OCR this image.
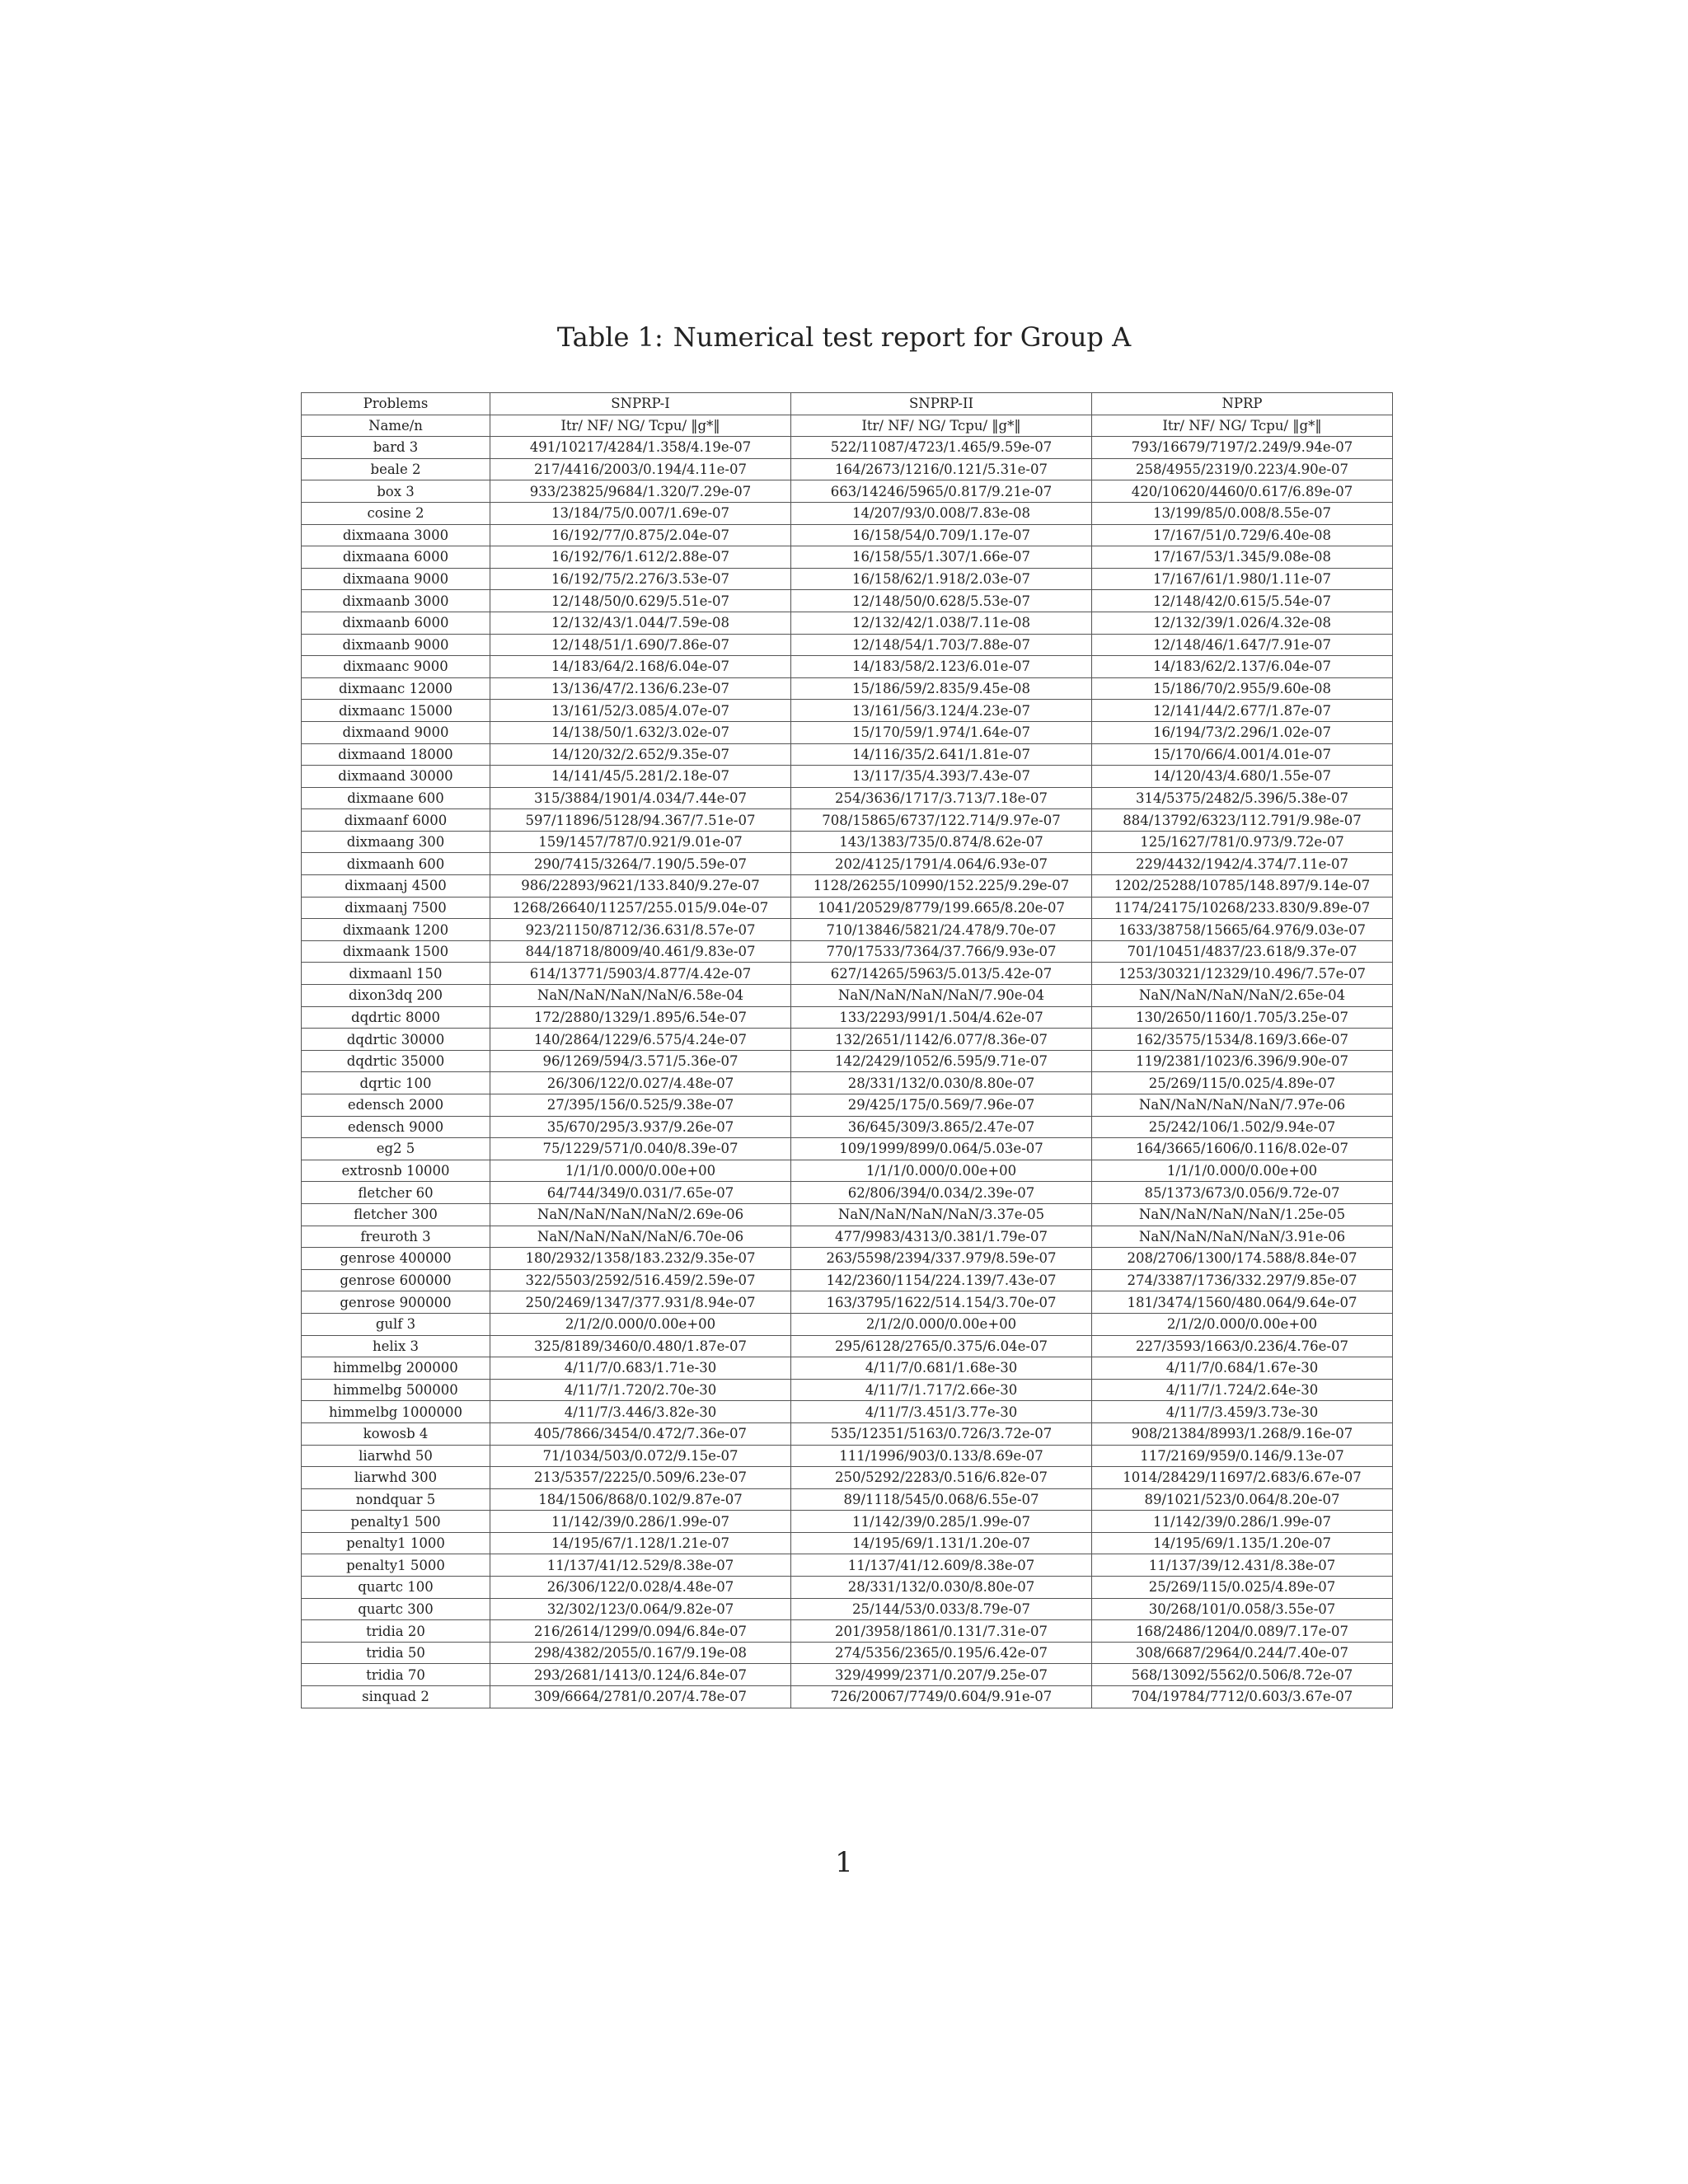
Table 1: Numerical test report for Group A
Problems	SNPRP-I	SNPRP-II	NPRP
Name/n	Itr/ NF/ NG/ Tcpu/ ‖g*‖	Itr/ NF/ NG/ Tcpu/ ‖g*‖	Itr/ NF/ NG/ Tcpu/ ‖g*‖
bard 3	491/10217/4284/1.358/4.19e-07	522/11087/4723/1.465/9.59e-07	793/16679/7197/2.249/9.94e-07
beale 2	217/4416/2003/0.194/4.11e-07	164/2673/1216/0.121/5.31e-07	258/4955/2319/0.223/4.90e-07
box 3	933/23825/9684/1.320/7.29e-07	663/14246/5965/0.817/9.21e-07	420/10620/4460/0.617/6.89e-07
cosine 2	13/184/75/0.007/1.69e-07	14/207/93/0.008/7.83e-08	13/199/85/0.008/8.55e-07
dixmaana 3000	16/192/77/0.875/2.04e-07	16/158/54/0.709/1.17e-07	17/167/51/0.729/6.40e-08
dixmaana 6000	16/192/76/1.612/2.88e-07	16/158/55/1.307/1.66e-07	17/167/53/1.345/9.08e-08
dixmaana 9000	16/192/75/2.276/3.53e-07	16/158/62/1.918/2.03e-07	17/167/61/1.980/1.11e-07
dixmaanb 3000	12/148/50/0.629/5.51e-07	12/148/50/0.628/5.53e-07	12/148/42/0.615/5.54e-07
dixmaanb 6000	12/132/43/1.044/7.59e-08	12/132/42/1.038/7.11e-08	12/132/39/1.026/4.32e-08
dixmaanb 9000	12/148/51/1.690/7.86e-07	12/148/54/1.703/7.88e-07	12/148/46/1.647/7.91e-07
dixmaanc 9000	14/183/64/2.168/6.04e-07	14/183/58/2.123/6.01e-07	14/183/62/2.137/6.04e-07
dixmaanc 12000	13/136/47/2.136/6.23e-07	15/186/59/2.835/9.45e-08	15/186/70/2.955/9.60e-08
dixmaanc 15000	13/161/52/3.085/4.07e-07	13/161/56/3.124/4.23e-07	12/141/44/2.677/1.87e-07
dixmaand 9000	14/138/50/1.632/3.02e-07	15/170/59/1.974/1.64e-07	16/194/73/2.296/1.02e-07
dixmaand 18000	14/120/32/2.652/9.35e-07	14/116/35/2.641/1.81e-07	15/170/66/4.001/4.01e-07
dixmaand 30000	14/141/45/5.281/2.18e-07	13/117/35/4.393/7.43e-07	14/120/43/4.680/1.55e-07
dixmaane 600	315/3884/1901/4.034/7.44e-07	254/3636/1717/3.713/7.18e-07	314/5375/2482/5.396/5.38e-07
dixmaanf 6000	597/11896/5128/94.367/7.51e-07	708/15865/6737/122.714/9.97e-07	884/13792/6323/112.791/9.98e-07
dixmaang 300	159/1457/787/0.921/9.01e-07	143/1383/735/0.874/8.62e-07	125/1627/781/0.973/9.72e-07
dixmaanh 600	290/7415/3264/7.190/5.59e-07	202/4125/1791/4.064/6.93e-07	229/4432/1942/4.374/7.11e-07
dixmaanj 4500	986/22893/9621/133.840/9.27e-07	1128/26255/10990/152.225/9.29e-07	1202/25288/10785/148.897/9.14e-07
dixmaanj 7500	1268/26640/11257/255.015/9.04e-07	1041/20529/8779/199.665/8.20e-07	1174/24175/10268/233.830/9.89e-07
dixmaank 1200	923/21150/8712/36.631/8.57e-07	710/13846/5821/24.478/9.70e-07	1633/38758/15665/64.976/9.03e-07
dixmaank 1500	844/18718/8009/40.461/9.83e-07	770/17533/7364/37.766/9.93e-07	701/10451/4837/23.618/9.37e-07
dixmaanl 150	614/13771/5903/4.877/4.42e-07	627/14265/5963/5.013/5.42e-07	1253/30321/12329/10.496/7.57e-07
dixon3dq 200	NaN/NaN/NaN/NaN/6.58e-04	NaN/NaN/NaN/NaN/7.90e-04	NaN/NaN/NaN/NaN/2.65e-04
dqdrtic 8000	172/2880/1329/1.895/6.54e-07	133/2293/991/1.504/4.62e-07	130/2650/1160/1.705/3.25e-07
dqdrtic 30000	140/2864/1229/6.575/4.24e-07	132/2651/1142/6.077/8.36e-07	162/3575/1534/8.169/3.66e-07
dqdrtic 35000	96/1269/594/3.571/5.36e-07	142/2429/1052/6.595/9.71e-07	119/2381/1023/6.396/9.90e-07
dqrtic 100	26/306/122/0.027/4.48e-07	28/331/132/0.030/8.80e-07	25/269/115/0.025/4.89e-07
edensch 2000	27/395/156/0.525/9.38e-07	29/425/175/0.569/7.96e-07	NaN/NaN/NaN/NaN/7.97e-06
edensch 9000	35/670/295/3.937/9.26e-07	36/645/309/3.865/2.47e-07	25/242/106/1.502/9.94e-07
eg2 5	75/1229/571/0.040/8.39e-07	109/1999/899/0.064/5.03e-07	164/3665/1606/0.116/8.02e-07
extrosnb 10000	1/1/1/0.000/0.00e+00	1/1/1/0.000/0.00e+00	1/1/1/0.000/0.00e+00
fletcher 60	64/744/349/0.031/7.65e-07	62/806/394/0.034/2.39e-07	85/1373/673/0.056/9.72e-07
fletcher 300	NaN/NaN/NaN/NaN/2.69e-06	NaN/NaN/NaN/NaN/3.37e-05	NaN/NaN/NaN/NaN/1.25e-05
freuroth 3	NaN/NaN/NaN/NaN/6.70e-06	477/9983/4313/0.381/1.79e-07	NaN/NaN/NaN/NaN/3.91e-06
genrose 400000	180/2932/1358/183.232/9.35e-07	263/5598/2394/337.979/8.59e-07	208/2706/1300/174.588/8.84e-07
genrose 600000	322/5503/2592/516.459/2.59e-07	142/2360/1154/224.139/7.43e-07	274/3387/1736/332.297/9.85e-07
genrose 900000	250/2469/1347/377.931/8.94e-07	163/3795/1622/514.154/3.70e-07	181/3474/1560/480.064/9.64e-07
gulf 3	2/1/2/0.000/0.00e+00	2/1/2/0.000/0.00e+00	2/1/2/0.000/0.00e+00
helix 3	325/8189/3460/0.480/1.87e-07	295/6128/2765/0.375/6.04e-07	227/3593/1663/0.236/4.76e-07
himmelbg 200000	4/11/7/0.683/1.71e-30	4/11/7/0.681/1.68e-30	4/11/7/0.684/1.67e-30
himmelbg 500000	4/11/7/1.720/2.70e-30	4/11/7/1.717/2.66e-30	4/11/7/1.724/2.64e-30
himmelbg 1000000	4/11/7/3.446/3.82e-30	4/11/7/3.451/3.77e-30	4/11/7/3.459/3.73e-30
kowosb 4	405/7866/3454/0.472/7.36e-07	535/12351/5163/0.726/3.72e-07	908/21384/8993/1.268/9.16e-07
liarwhd 50	71/1034/503/0.072/9.15e-07	111/1996/903/0.133/8.69e-07	117/2169/959/0.146/9.13e-07
liarwhd 300	213/5357/2225/0.509/6.23e-07	250/5292/2283/0.516/6.82e-07	1014/28429/11697/2.683/6.67e-07
nondquar 5	184/1506/868/0.102/9.87e-07	89/1118/545/0.068/6.55e-07	89/1021/523/0.064/8.20e-07
penalty1 500	11/142/39/0.286/1.99e-07	11/142/39/0.285/1.99e-07	11/142/39/0.286/1.99e-07
penalty1 1000	14/195/67/1.128/1.21e-07	14/195/69/1.131/1.20e-07	14/195/69/1.135/1.20e-07
penalty1 5000	11/137/41/12.529/8.38e-07	11/137/41/12.609/8.38e-07	11/137/39/12.431/8.38e-07
quartc 100	26/306/122/0.028/4.48e-07	28/331/132/0.030/8.80e-07	25/269/115/0.025/4.89e-07
quartc 300	32/302/123/0.064/9.82e-07	25/144/53/0.033/8.79e-07	30/268/101/0.058/3.55e-07
tridia 20	216/2614/1299/0.094/6.84e-07	201/3958/1861/0.131/7.31e-07	168/2486/1204/0.089/7.17e-07
tridia 50	298/4382/2055/0.167/9.19e-08	274/5356/2365/0.195/6.42e-07	308/6687/2964/0.244/7.40e-07
tridia 70	293/2681/1413/0.124/6.84e-07	329/4999/2371/0.207/9.25e-07	568/13092/5562/0.506/8.72e-07
sinquad 2	309/6664/2781/0.207/4.78e-07	726/20067/7749/0.604/9.91e-07	704/19784/7712/0.603/3.67e-07
1
